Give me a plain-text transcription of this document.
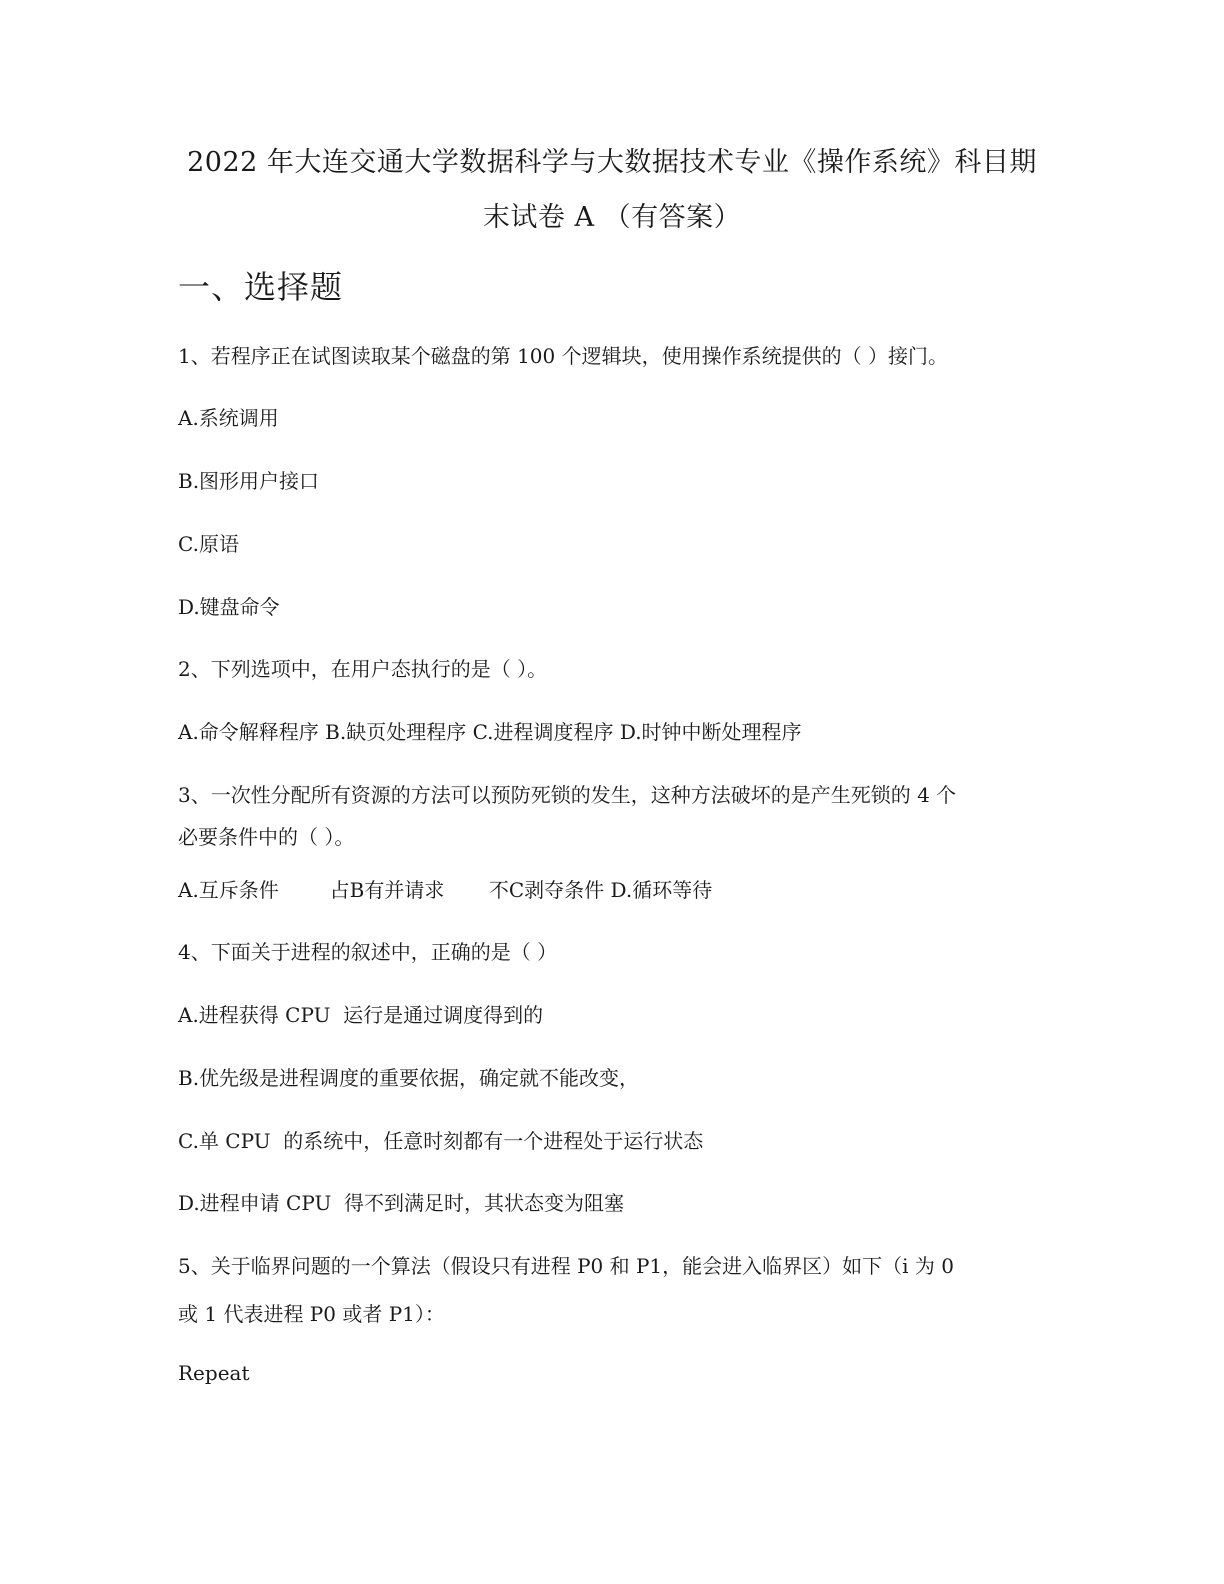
2022 年大连交通大学数据科学与大数据技术专业《操作系统》科目期
末试卷 A （有答案）
一、选择题
1、若程序正在试图读取某个磁盘的第 100 个逻辑块，使用操作系统提供的（ ）接门。
A.系统调用
B.图形用户接口
C.原语
D.键盘命令
2、下列选项中，在用户态执行的是（ ）。
A.命令解释程序 B.缺页处理程序 C.进程调度程序 D.时钟中断处理程序
3、一次性分配所有资源的方法可以预防死锁的发生，这种方法破坏的是产生死锁的 4 个
必要条件中的（ ）。
A.互斥条件        占B有并请求       不C剥夺条件 D.循环等待
4、下面关于进程的叙述中，正确的是（ ）
A.进程获得 CPU  运行是通过调度得到的
B.优先级是进程调度的重要依据，确定就不能改变，
C.单 CPU  的系统中，任意时刻都有一个进程处于运行状态
D.进程申请 CPU  得不到满足时，其状态变为阻塞
5、关于临界问题的一个算法（假设只有进程 P0 和 P1，能会进入临界区）如下（i 为 0
或 1 代表进程 P0 或者 P1）：
Repeat
